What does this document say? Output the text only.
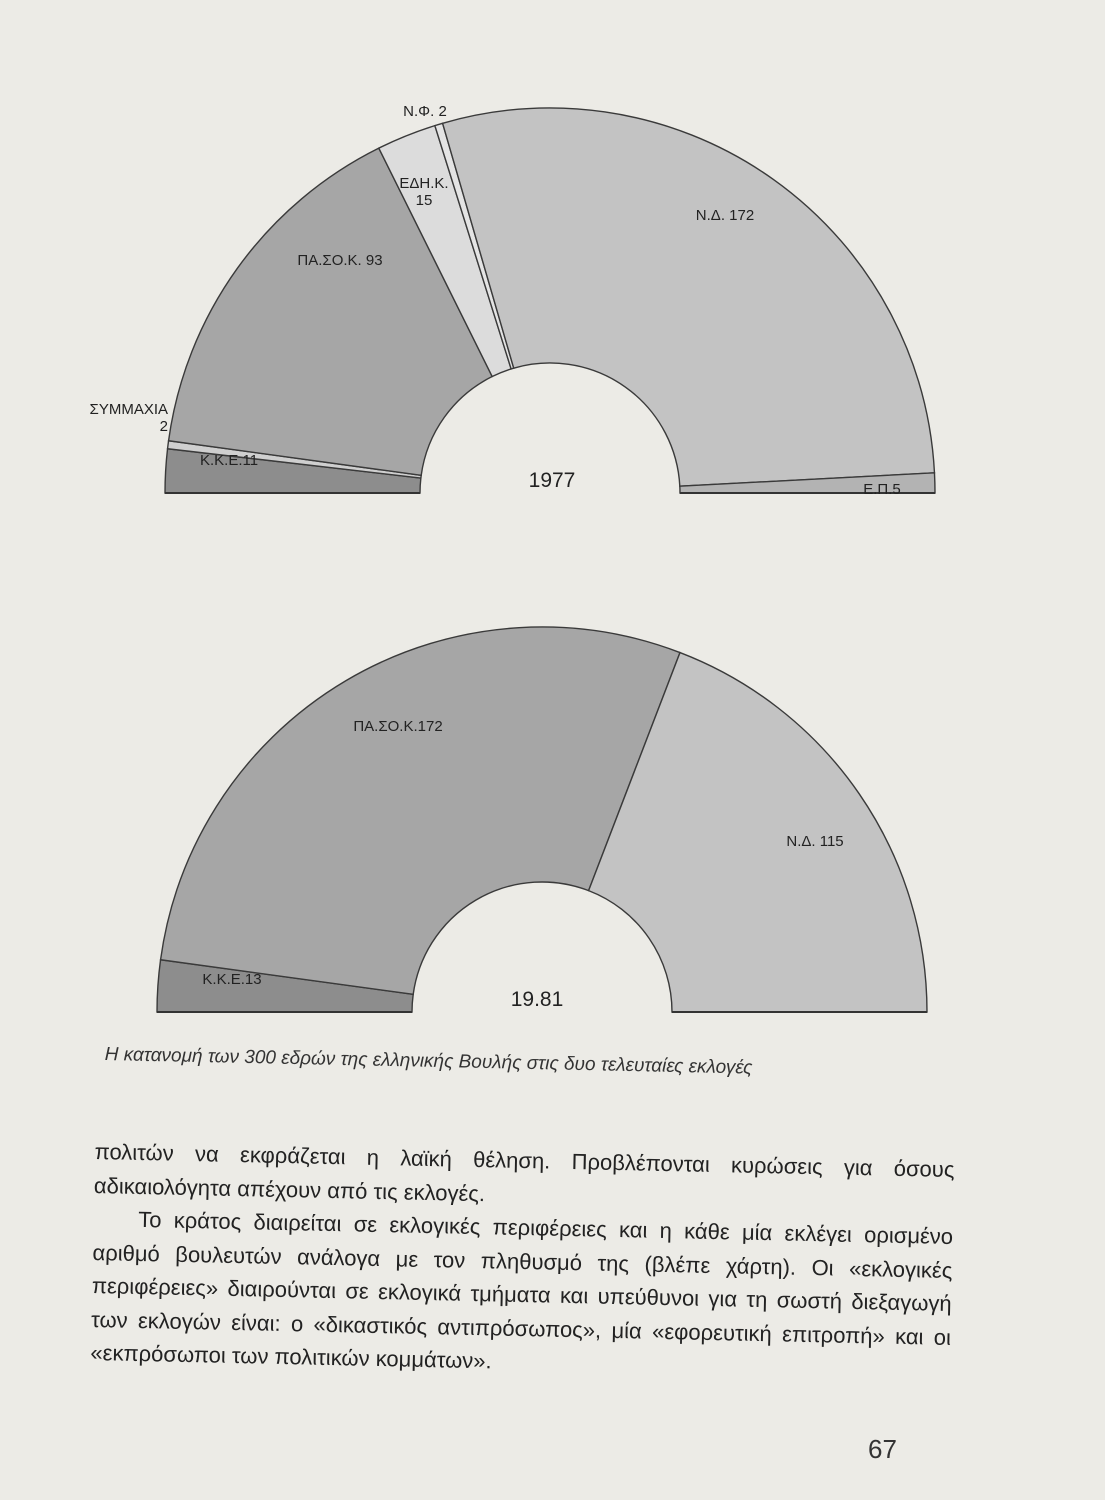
Κ.Κ.Ε.11
ΣΥΜΜΑΧΙΑ 2
ΠΑ.ΣΟ.Κ. 93
ΕΔΗ.Κ. 15
Ν.Φ. 2
Ν.Δ. 172
Ε.Π.5
1977
Κ.Κ.Ε.13
ΠΑ.ΣΟ.Κ.172
Ν.Δ. 115
19.81
Η κατανομή των 300 εδρών της ελληνικής Βουλής στις δυο τελευταίες εκλογές

πολιτών να εκφράζεται η λαϊκή θέληση. Προβλέπονται κυρώσεις για όσους αδικαιολόγητα απέχουν από τις εκλογές.

Το κράτος διαιρείται σε εκλογικές περιφέρειες και η κάθε μία εκλέγει ορισμένο αριθμό βουλευτών ανάλογα με τον πληθυσμό της (βλέπε χάρτη). Οι «εκλογικές περιφέρειες» διαιρούνται σε εκλογικά τμήματα και υπεύθυνοι για τη σωστή διεξαγωγή των εκλογών είναι: ο «δικαστικός αντιπρόσωπος», μία «εφορευτική επιτροπή» και οι «εκπρόσωποι των πολιτικών κομμάτων».

67
